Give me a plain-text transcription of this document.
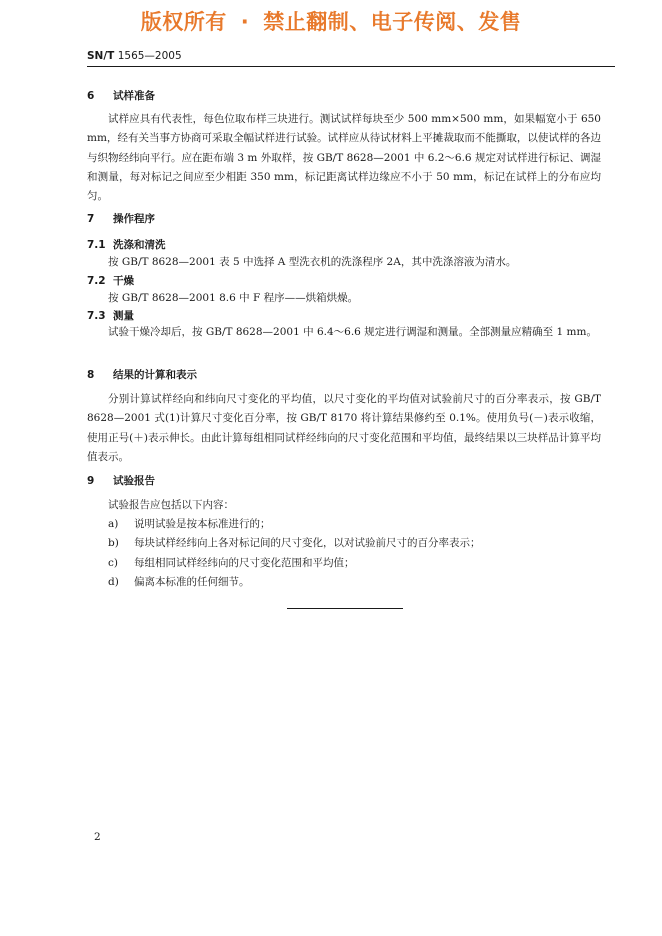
版权所有 · 禁止翻制、电子传阅、发售
SN/T 1565—2005
6 试样准备
试样应具有代表性，每色位取布样三块进行。测试试样每块至少 500 mm×500 mm，如果幅宽小于 650 mm，经有关当事方协商可采取全幅试样进行试验。试样应从待试材料上平摊裁取而不能撕取，以使试样的各边与织物经纬向平行。应在距布端 3 m 外取样，按 GB/T 8628—2001 中 6.2～6.6 规定对试样进行标记、调湿和测量，每对标记之间应至少相距 350 mm，标记距离试样边缘应不小于 50 mm，标记在试样上的分布应均匀。
7 操作程序
7.1 洗涤和清洗
按 GB/T 8628—2001 表 5 中选择 A 型洗衣机的洗涤程序 2A，其中洗涤溶液为清水。
7.2 干燥
按 GB/T 8628—2001 8.6 中 F 程序——烘箱烘燥。
7.3 测量
试验干燥冷却后，按 GB/T 8628—2001 中 6.4～6.6 规定进行调湿和测量。全部测量应精确至 1 mm。
8 结果的计算和表示
分别计算试样经向和纬向尺寸变化的平均值，以尺寸变化的平均值对试验前尺寸的百分率表示，按 GB/T 8628—2001 式(1)计算尺寸变化百分率，按 GB/T 8170 将计算结果修约至 0.1%。使用负号(－)表示收缩，使用正号(＋)表示伸长。由此计算每组相同试样经纬向的尺寸变化范围和平均值，最终结果以三块样品计算平均值表示。
9 试验报告
试验报告应包括以下内容：
a) 说明试验是按本标准进行的；
b) 每块试样经纬向上各对标记间的尺寸变化，以对试验前尺寸的百分率表示；
c) 每组相同试样经纬向的尺寸变化范围和平均值；
d) 偏离本标准的任何细节。
2
